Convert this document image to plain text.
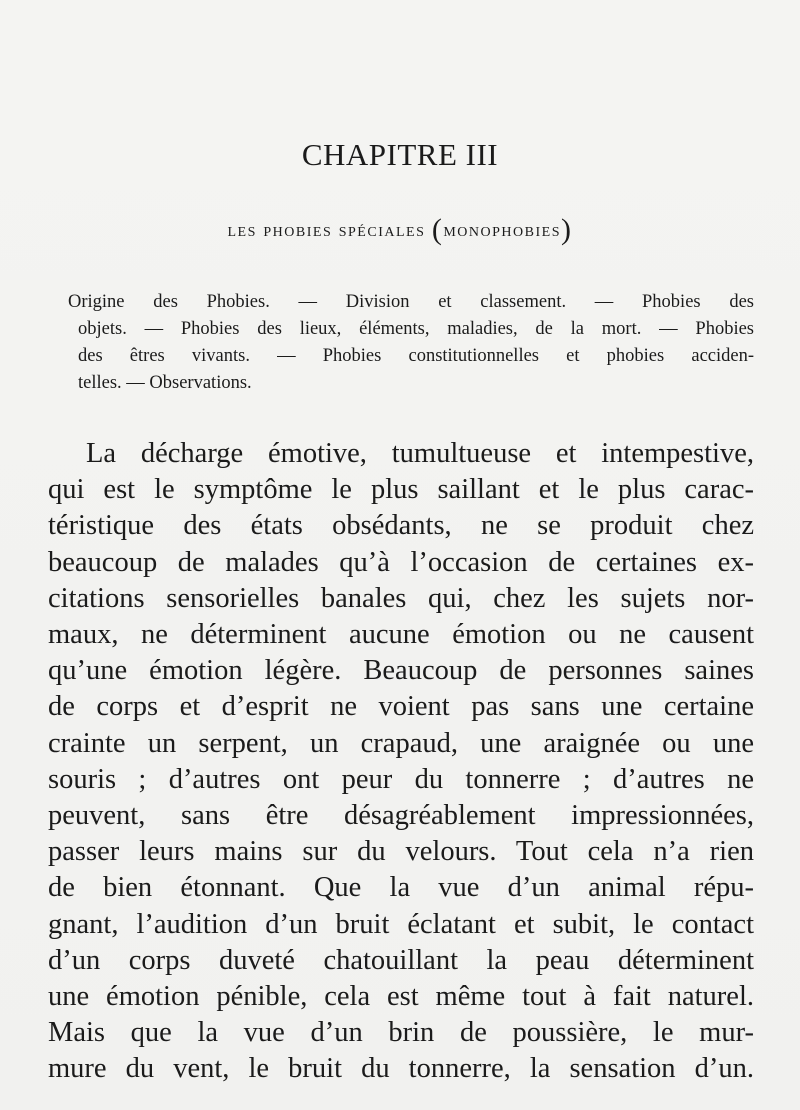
CHAPITRE III
les phobies spéciales (monophobies)
Origine des Phobies. — Division et classement. — Phobies des
objets. — Phobies des lieux, éléments, maladies, de la mort. — Phobies
des êtres vivants. — Phobies constitutionnelles et phobies acciden-
telles. — Observations.
La décharge émotive, tumultueuse et intempestive,
qui est le symptôme le plus saillant et le plus carac-
téristique des états obsédants, ne se produit chez
beaucoup de malades qu’à l’occasion de certaines ex-
citations sensorielles banales qui, chez les sujets nor-
maux, ne déterminent aucune émotion ou ne causent
qu’une émotion légère. Beaucoup de personnes saines
de corps et d’esprit ne voient pas sans une certaine
crainte un serpent, un crapaud, une araignée ou une
souris ; d’autres ont peur du tonnerre ; d’autres ne
peuvent, sans être désagréablement impressionnées,
passer leurs mains sur du velours. Tout cela n’a rien
de bien étonnant. Que la vue d’un animal répu-
gnant, l’audition d’un bruit éclatant et subit, le contact
d’un corps duveté chatouillant la peau déterminent
une émotion pénible, cela est même tout à fait naturel.
Mais que la vue d’un brin de poussière, le mur-
mure du vent, le bruit du tonnerre, la sensation d’un.
